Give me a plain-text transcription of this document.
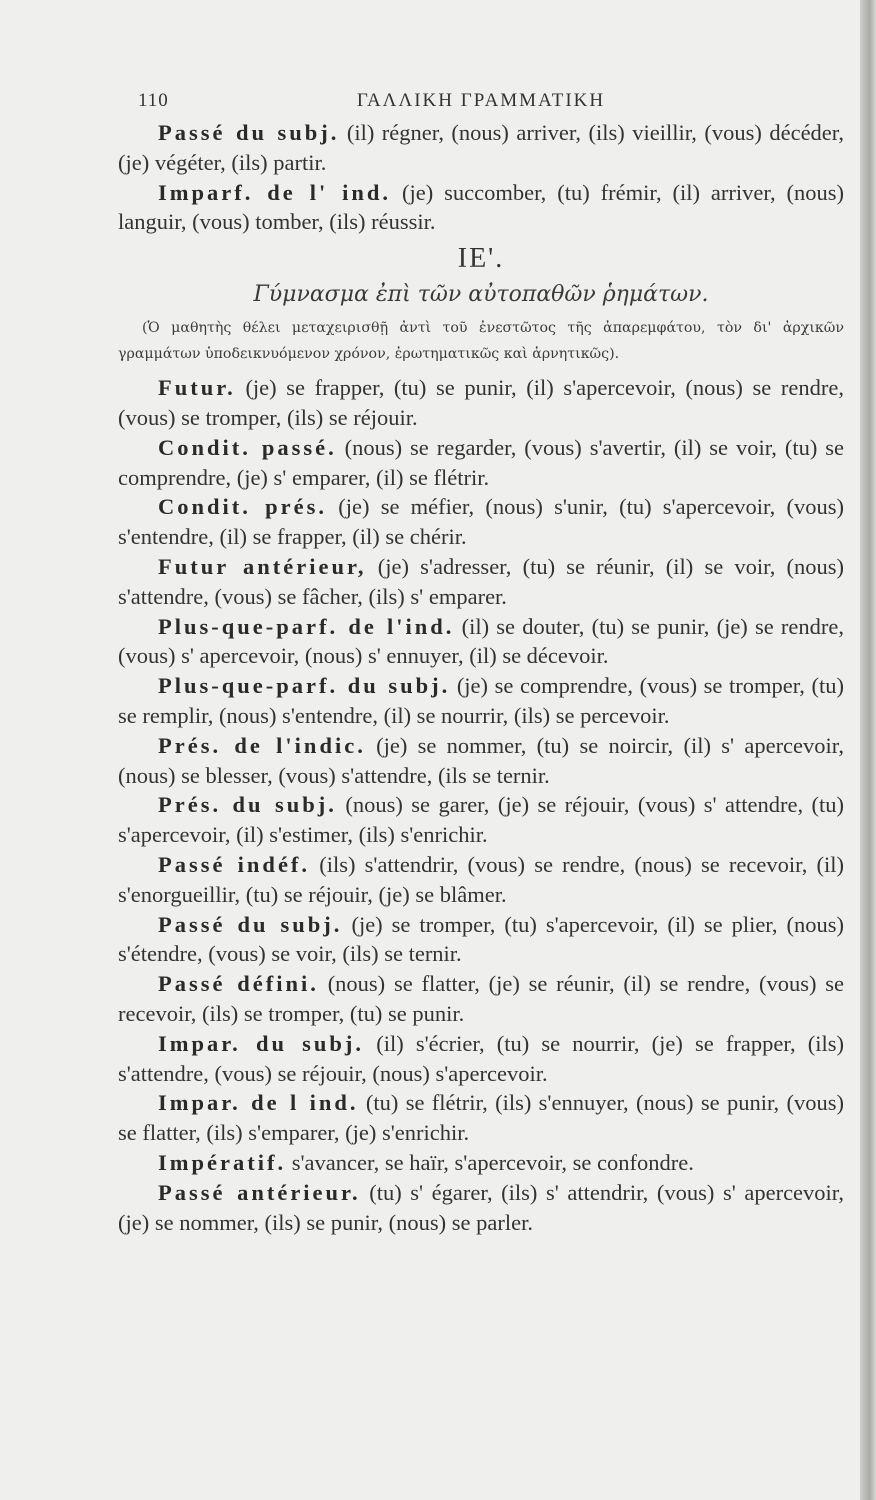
110	ΓΑΛΛΙΚΗ ΓΡΑΜΜΑΤΙΚΗ

Passé du subj. (il) régner, (nous) arriver, (ils) vieillir, (vous) décéder, (je) végéter, (ils) partir.

Imparf. de l' ind. (je) succomber, (tu) frémir, (il) arriver, (nous) languir, (vous) tomber, (ils) réussir.

ΙΕ'.
Γύμνασμα ἐπὶ τῶν αὐτοπαθῶν ῥημάτων.

(Ὁ μαθητὴς θέλει μεταχειρισθῇ ἀντὶ τοῦ ἐνεστῶτος τῆς ἀπαρεμφάτου, τὸν δι' ἀρχικῶν γραμμάτων ὑποδεικνυόμενον χρόνον, ἐρωτηματικῶς καὶ ἀρνητικῶς).

Futur. (je) se frapper, (tu) se punir, (il) s'apercevoir, (nous) se rendre, (vous) se tromper, (ils) se réjouir.

Condit. passé. (nous) se regarder, (vous) s'avertir, (il) se voir, (tu) se comprendre, (je) s' emparer, (il) se flétrir.

Condit. prés. (je) se méfier, (nous) s'unir, (tu) s'apercevoir, (vous) s'entendre, (il) se frapper, (il) se chérir.

Futur antérieur, (je) s'adresser, (tu) se réunir, (il) se voir, (nous) s'attendre, (vous) se fâcher, (ils) s' emparer.

Plus-que-parf. de l'ind. (il) se douter, (tu) se punir, (je) se rendre, (vous) s' apercevoir, (nous) s' ennuyer, (il) se décevoir.

Plus-que-parf. du subj. (je) se comprendre, (vous) se tromper, (tu) se remplir, (nous) s'entendre, (il) se nourrir, (ils) se percevoir.

Prés. de l'indic. (je) se nommer, (tu) se noircir, (il) s' apercevoir, (nous) se blesser, (vous) s'attendre, (ils se ternir.

Prés. du subj. (nous) se garer, (je) se réjouir, (vous) s' attendre, (tu) s'apercevoir, (il) s'estimer, (ils) s'enrichir.

Passé indéf. (ils) s'attendrir, (vous) se rendre, (nous) se recevoir, (il) s'enorgueillir, (tu) se réjouir, (je) se blâmer.

Passé du subj. (je) se tromper, (tu) s'apercevoir, (il) se plier, (nous) s'étendre, (vous) se voir, (ils) se ternir.

Passé défini. (nous) se flatter, (je) se réunir, (il) se rendre, (vous) se recevoir, (ils) se tromper, (tu) se punir.

Impar. du subj. (il) s'écrier, (tu) se nourrir, (je) se frapper, (ils) s'attendre, (vous) se réjouir, (nous) s'apercevoir.

Impar. de l ind. (tu) se flétrir, (ils) s'ennuyer, (nous) se punir, (vous) se flatter, (ils) s'emparer, (je) s'enrichir.

Impératif. s'avancer, se haïr, s'apercevoir, se confondre.

Passé antérieur. (tu) s' égarer, (ils) s' attendrir, (vous) s' apercevoir, (je) se nommer, (ils) se punir, (nous) se parler.
